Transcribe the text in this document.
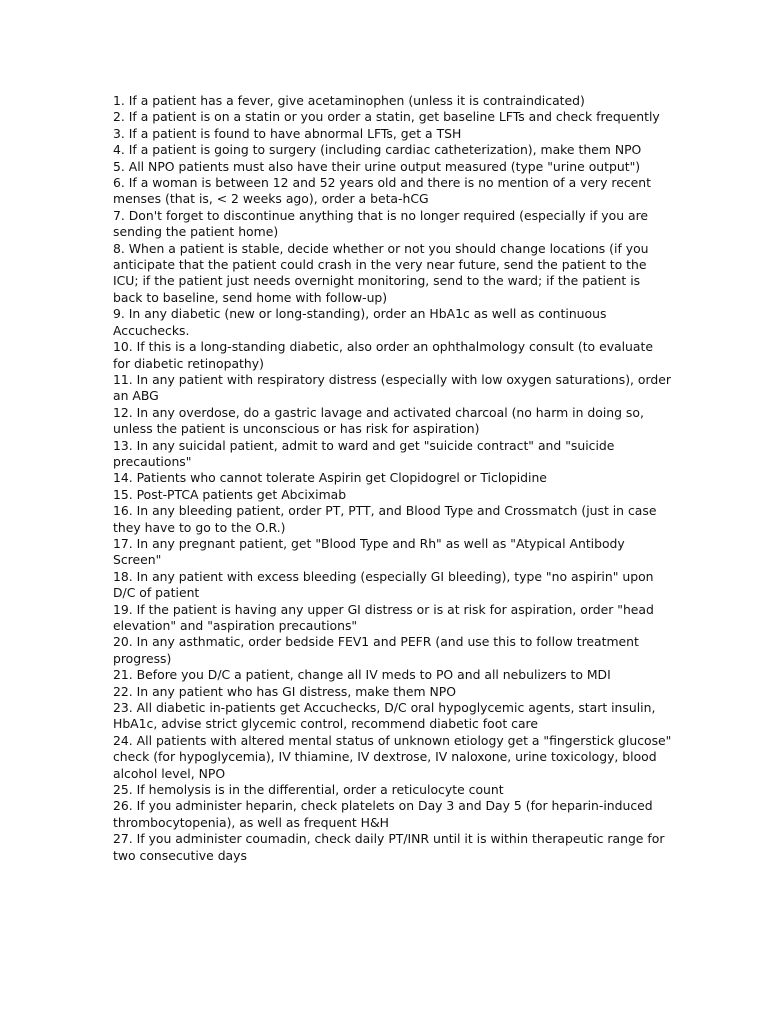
1. If a patient has a fever, give acetaminophen (unless it is contraindicated)

2. If a patient is on a statin or you order a statin, get baseline LFTs and check frequently

3. If a patient is found to have abnormal LFTs, get a TSH

4. If a patient is going to surgery (including cardiac catheterization), make them NPO

5. All NPO patients must also have their urine output measured (type "urine output")

6. If a woman is between 12 and 52 years old and there is no mention of a very recent menses (that is, < 2 weeks ago), order a beta-hCG

7. Don't forget to discontinue anything that is no longer required (especially if you are sending the patient home)

8. When a patient is stable, decide whether or not you should change locations (if you anticipate that the patient could crash in the very near future, send the patient to the ICU; if the patient just needs overnight monitoring, send to the ward; if the patient is back to baseline, send home with follow-up)

9. In any diabetic (new or long-standing), order an HbA1c as well as continuous Accuchecks.

10. If this is a long-standing diabetic, also order an ophthalmology consult (to evaluate for diabetic retinopathy)

11. In any patient with respiratory distress (especially with low oxygen saturations), order an ABG

12. In any overdose, do a gastric lavage and activated charcoal (no harm in doing so, unless the patient is unconscious or has risk for aspiration)

13. In any suicidal patient, admit to ward and get "suicide contract" and "suicide precautions"

14. Patients who cannot tolerate Aspirin get Clopidogrel or Ticlopidine

15. Post-PTCA patients get Abciximab

16. In any bleeding patient, order PT, PTT, and Blood Type and Crossmatch (just in case they have to go to the O.R.)

17. In any pregnant patient, get "Blood Type and Rh" as well as "Atypical Antibody Screen"

18. In any patient with excess bleeding (especially GI bleeding), type "no aspirin" upon D/C of patient

19. If the patient is having any upper GI distress or is at risk for aspiration, order "head elevation" and "aspiration precautions"

20. In any asthmatic, order bedside FEV1 and PEFR (and use this to follow treatment progress)

21. Before you D/C a patient, change all IV meds to PO and all nebulizers to MDI

22. In any patient who has GI distress, make them NPO

23. All diabetic in-patients get Accuchecks, D/C oral hypoglycemic agents, start insulin, HbA1c, advise strict glycemic control, recommend diabetic foot care

24. All patients with altered mental status of unknown etiology get a "fingerstick glucose" check (for hypoglycemia), IV thiamine, IV dextrose, IV naloxone, urine toxicology, blood alcohol level, NPO

25. If hemolysis is in the differential, order a reticulocyte count

26. If you administer heparin, check platelets on Day 3 and Day 5 (for heparin-induced thrombocytopenia), as well as frequent H&H

27. If you administer coumadin, check daily PT/INR until it is within therapeutic range for two consecutive days
